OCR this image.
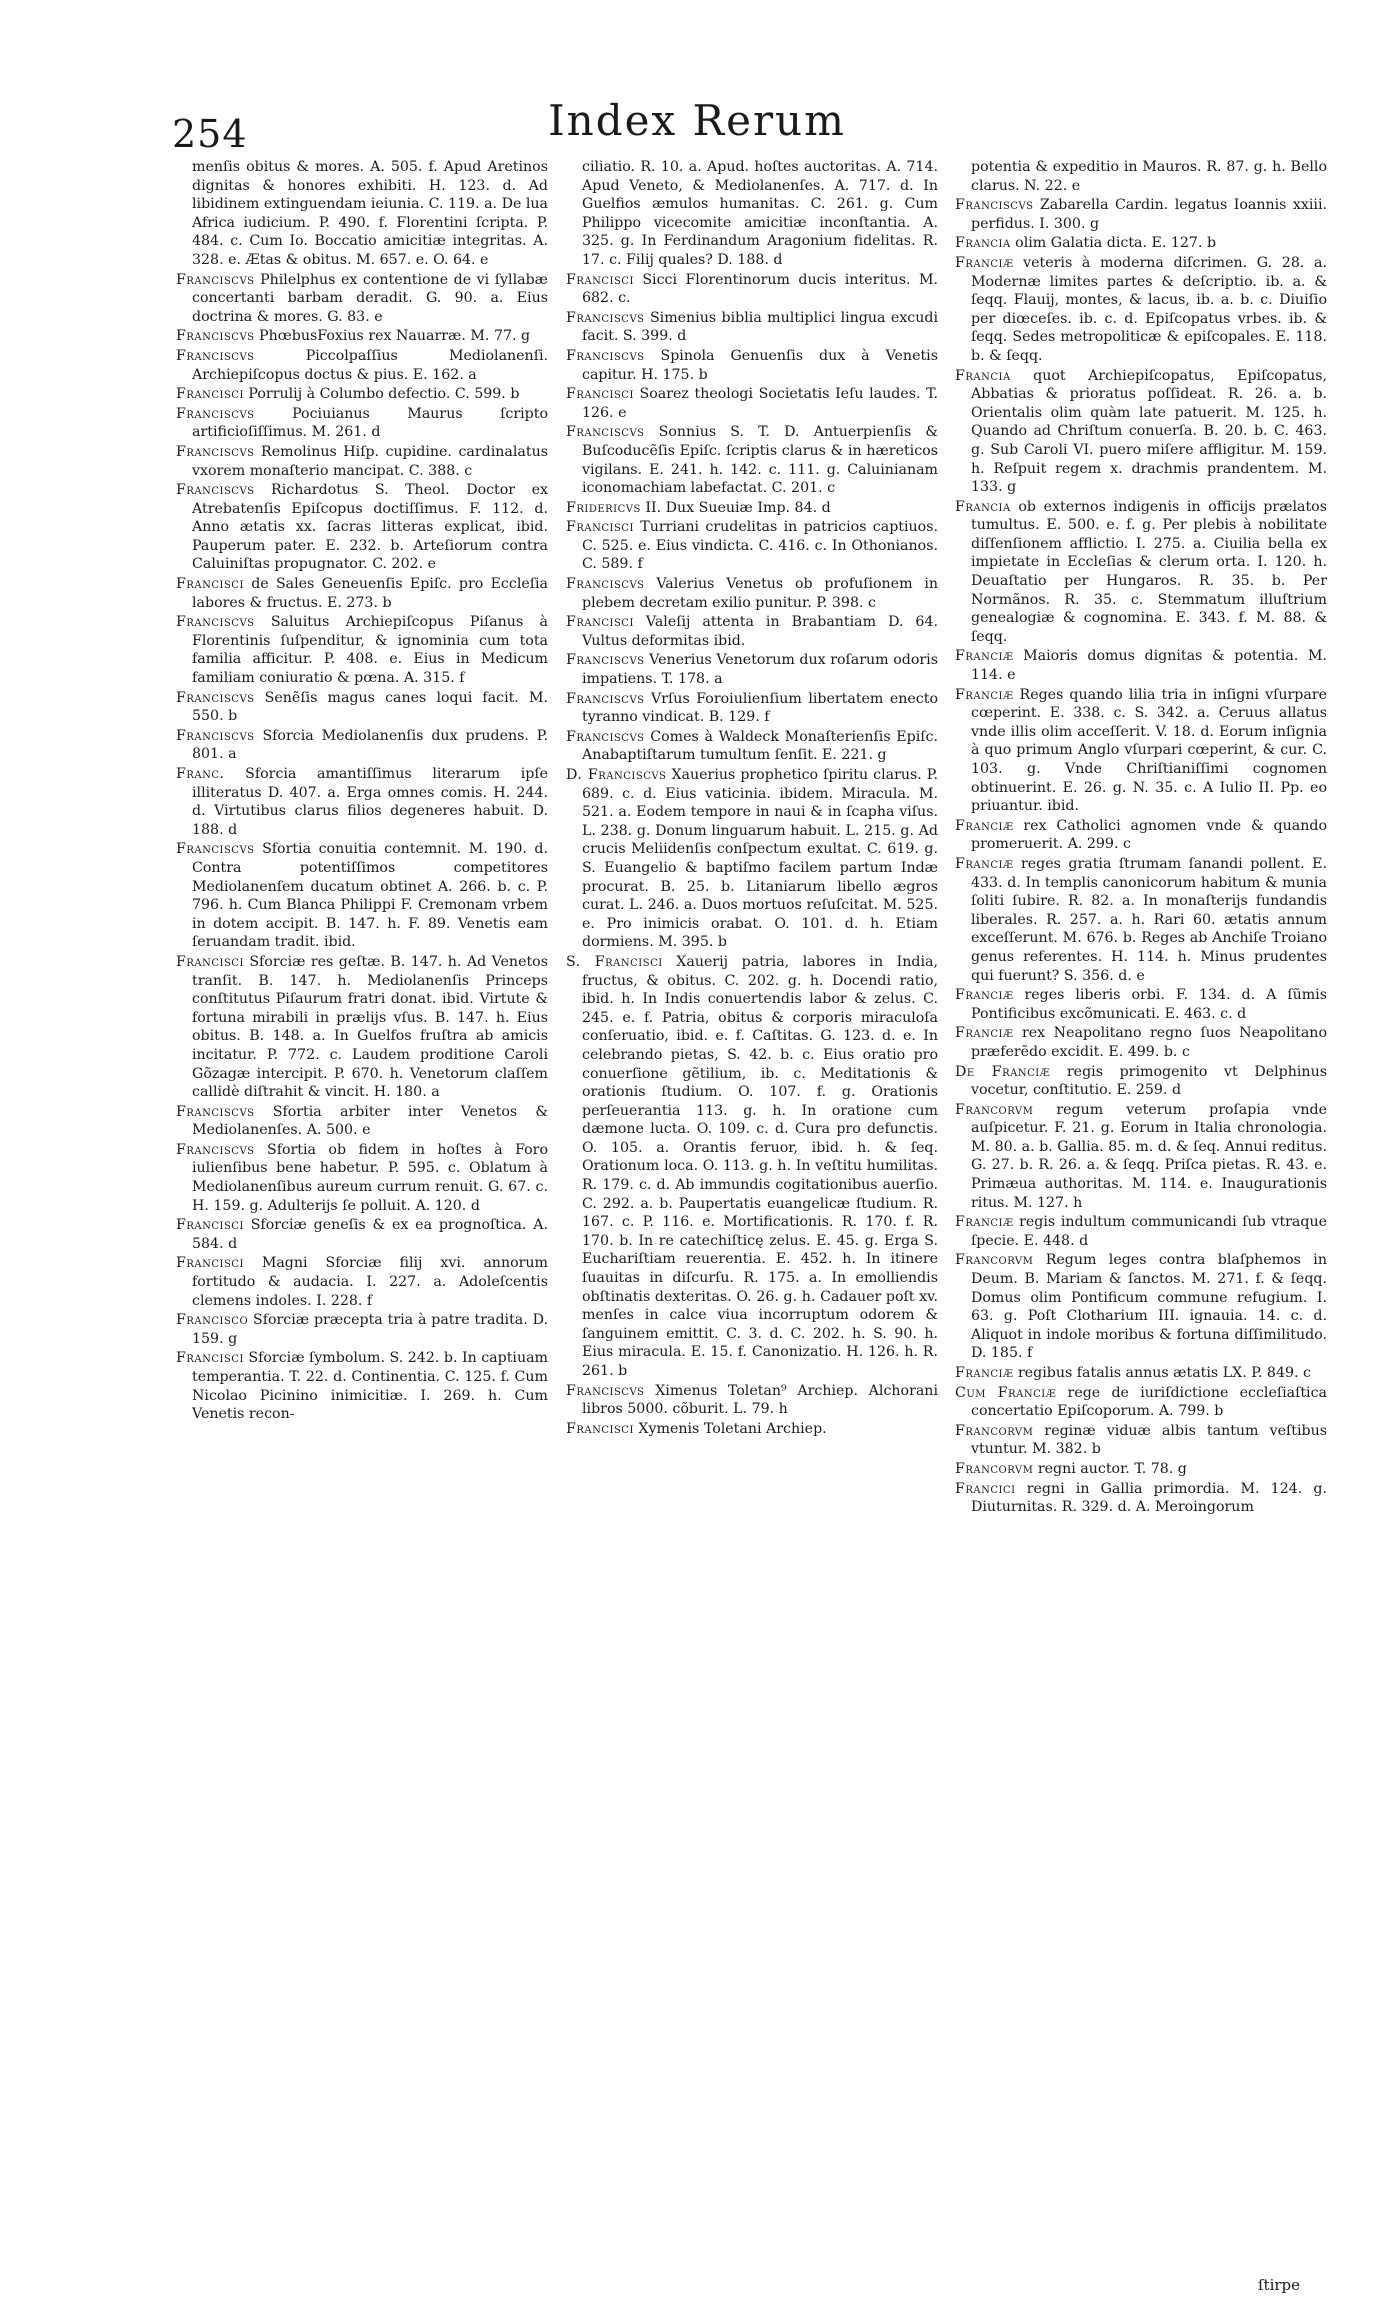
254	Index Rerum

menſis obitus & mores. A. 505. f. Apud Aretinos dignitas & honores exhibiti. H. 123. d. Ad libidinem extinguendam ieiunia. C. 119. a. De lua Africa iudicium. P. 490. f. Florentini ſcripta. P. 484. c. Cum Io. Boccatio amicitiæ integritas. A. 328. e. Ætas & obitus. M. 657. e. O. 64. e

Franciſcvs Philelphus ex contentione de vi ſyllabæ concertanti barbam deradit. G. 90. a. Eius doctrina & mores. G. 83. e

Franciſcvs PhœbusFoxius rex Nauarræ. M. 77. g

Franciſcvs Piccolpaſſius Mediolanenſi. Archiepiſcopus doctus & pius. E. 162. a

Franciſci Porrulij à Columbo defectio. C. 599. b

Franciſcvs Pociuianus Maurus ſcripto artificioſiſſimus. M. 261. d

Franciſcvs Remolinus Hiſp. cupidine. cardinalatus vxorem monaſterio mancipat. C. 388. c

Franciſcvs Richardotus S. Theol. Doctor ex Atrebatenſis Epiſcopus doctiſſimus. F. 112. d. Anno ætatis xx. ſacras litteras explicat, ibid. Pauperum pater. E. 232. b. Arteſiorum contra Caluiniſtas propugnator. C. 202. e

Franciſci de Sales Geneuenſis Epiſc. pro Eccleſia labores & fructus. E. 273. b

Franciſcvs Saluitus Archiepiſcopus Piſanus à Florentinis ſuſpenditur, & ignominia cum tota familia afficitur. P. 408. e. Eius in Medicum familiam coniuratio & pœna. A. 315. f

Franciſcvs Senẽſis magus canes loqui facit. M. 550. b

Franciſcvs Sforcia Mediolanenſis dux prudens. P. 801. a

Franc. Sforcia amantiſſimus literarum ipſe illiteratus D. 407. a. Erga omnes comis. H. 244. d. Virtutibus clarus filios degeneres habuit. D. 188. d

Franciſcvs Sfortia conuitia contemnit. M. 190. d. Contra potentiſſimos competitores Mediolanenſem ducatum obtinet A. 266. b. c. P. 796. h. Cum Blanca Philippi F. Cremonam vrbem in dotem accipit. B. 147. h. F. 89. Venetis eam ſeruandam tradit. ibid.

Franciſci Sforciæ res geſtæ. B. 147. h. Ad Venetos tranſit. B. 147. h. Mediolanenſis Princeps conſtitutus Piſaurum fratri donat. ibid. Virtute & fortuna mirabili in prælijs vſus. B. 147. h. Eius obitus. B. 148. a. In Guelfos fruſtra ab amicis incitatur. P. 772. c. Laudem proditione Caroli Gõzagæ intercipit. P. 670. h. Venetorum claſſem callidè diſtrahit & vincit. H. 180. a

Franciſcvs Sfortia arbiter inter Venetos & Mediolanenſes. A. 500. e

Franciſcvs Sfortia ob fidem in hoſtes à Foro iulienſibus bene habetur. P. 595. c. Oblatum à Mediolanenſibus aureum currum renuit. G. 67. c. H. 159. g. Adulterijs ſe polluit. A. 120. d

Franciſci Sforciæ geneſis & ex ea prognoſtica. A. 584. d

Franciſci Magni Sforciæ filij xvi. annorum fortitudo & audacia. I. 227. a. Adoleſcentis clemens indoles. I. 228. f

Franciſco Sforciæ præcepta tria à patre tradita. D. 159. g

Franciſci Sforciæ ſymbolum. S. 242. b. In captiuam temperantia. T. 22. d. Continentia. C. 125. f. Cum Nicolao Picinino inimicitiæ. I. 269. h. Cum Venetis recon-

ciliatio. R. 10. a. Apud. hoſtes auctoritas. A. 714. Apud Veneto, & Mediolanenſes. A. 717. d. In Guelfios æmulos humanitas. C. 261. g. Cum Philippo vicecomite amicitiæ inconſtantia. A. 325. g. In Ferdinandum Aragonium fidelitas. R. 17. c. Filij quales? D. 188. d

Franciſci Sicci Florentinorum ducis interitus. M. 682. c.

Franciſcvs Simenius biblia multiplici lingua excudi facit. S. 399. d

Franciſcvs Spinola Genuenſis dux à Venetis capitur. H. 175. b

Franciſci Soarez theologi Societatis Ieſu laudes. T. 126. e

Franciſcvs Sonnius S. T. D. Antuerpienſis & Buſcoducẽſis Epiſc. ſcriptis clarus & in hæreticos vigilans. E. 241. h. 142. c. 111. g. Caluinianam iconomachiam labefactat. C. 201. c

Fridericvs II. Dux Sueuiæ Imp. 84. d

Franciſci Turriani crudelitas in patricios captiuos. C. 525. e. Eius vindicta. C. 416. c. In Othonianos. C. 589. f

Franciſcvs Valerius Venetus ob profuſionem in plebem decretam exilio punitur. P. 398. c

Franciſci Valeſij attenta in Brabantiam D. 64. Vultus deformitas ibid.

Franciſcvs Venerius Venetorum dux roſarum odoris impatiens. T. 178. a

Franciſcvs Vrſus Foroiulienſium libertatem enecto tyranno vindicat. B. 129. f

Franciſcvs Comes à Waldeck Monaſterienſis Epiſc. Anabaptiſtarum tumultum ſenſit. E. 221. g

D. Franciſcvs Xauerius prophetico ſpiritu clarus. P. 689. c. d. Eius vaticinia. ibidem. Miracula. M. 521. a. Eodem tempore in naui & in ſcapha viſus. L. 238. g. Donum linguarum habuit. L. 215. g. Ad crucis Meliidenſis conſpectum exultat. C. 619. g. S. Euangelio & baptiſmo facilem partum Indæ procurat. B. 25. b. Litaniarum libello ægros curat. L. 246. a. Duos mortuos reſuſcitat. M. 525. e. Pro inimicis orabat. O. 101. d. h. Etiam dormiens. M. 395. b

S. Franciſci Xauerij patria, labores in India, fructus, & obitus. C. 202. g. h. Docendi ratio, ibid. h. In Indis conuertendis labor & zelus. C. 245. e. f. Patria, obitus & corporis miraculoſa conſeruatio, ibid. e. f. Caſtitas. G. 123. d. e. In celebrando pietas, S. 42. b. c. Eius oratio pro conuerſione gẽtilium, ib. c. Meditationis & orationis ſtudium. O. 107. f. g. Orationis perſeuerantia 113. g. h. In oratione cum dæmone lucta. O. 109. c. d. Cura pro defunctis. O. 105. a. Orantis feruor, ibid. h. & ſeq. Orationum loca. O. 113. g. h. In veſtitu humilitas. R. 179. c. d. Ab immundis cogitationibus auerſio. C. 292. a. b. Paupertatis euangelicæ ſtudium. R. 167. c. P. 116. e. Mortificationis. R. 170. f. R. 170. b. In re catechiſticę zelus. E. 45. g. Erga S. Euchariſtiam reuerentia. E. 452. h. In itinere ſuauitas in diſcurſu. R. 175. a. In emolliendis obſtinatis dexteritas. O. 26. g. h. Cadauer poſt xv. menſes in calce viua incorruptum odorem & ſanguinem emittit. C. 3. d. C. 202. h. S. 90. h. Eius miracula. E. 15. f. Canonizatio. H. 126. h. R. 261. b

Franciſcvs Ximenus Toletan⁹ Archiep. Alchorani libros 5000. cõburit. L. 79. h

Franciſci Xymenis Toletani Archiep.

potentia & expeditio in Mauros. R. 87. g. h. Bello clarus. N. 22. e

Franciſcvs Zabarella Cardin. legatus Ioannis xxiii. perfidus. I. 300. g

Francia olim Galatia dicta. E. 127. b

Franciæ veteris à moderna diſcrimen. G. 28. a. Modernæ limites partes & deſcriptio. ib. a. & ſeqq. Flauij, montes, & lacus, ib. a. b. c. Diuiſio per diœceſes. ib. c. d. Epiſcopatus vrbes. ib. & ſeqq. Sedes metropoliticæ & epiſcopales. E. 118. b. & ſeqq.

Francia quot Archiepiſcopatus, Epiſcopatus, Abbatias & prioratus poſſideat. R. 26. a. b. Orientalis olim quàm late patuerit. M. 125. h. Quando ad Chriſtum conuerſa. B. 20. b. C. 463. g. Sub Caroli VI. puero miſere affligitur. M. 159. h. Reſpuit regem x. drachmis prandentem. M. 133. g

Francia ob externos indigenis in officijs prælatos tumultus. E. 500. e. f. g. Per plebis à nobilitate diſſenſionem afflictio. I. 275. a. Ciuilia bella ex impietate in Eccleſias & clerum orta. I. 120. h. Deuaſtatio per Hungaros. R. 35. b. Per Normãnos. R. 35. c. Stemmatum illuſtrium genealogiæ & cognomina. E. 343. f. M. 88. & ſeqq.

Franciæ Maioris domus dignitas & potentia. M. 114. e

Franciæ Reges quando lilia tria in inſigni vſurpare cœperint. E. 338. c. S. 342. a. Ceruus allatus vnde illis olim acceſſerit. V. 18. d. Eorum inſignia à quo primum Anglo vſurpari cœperint, & cur. C. 103. g. Vnde Chriſtianiſſimi cognomen obtinuerint. E. 26. g. N. 35. c. A Iulio II. Pp. eo priuantur. ibid.

Franciæ rex Catholici agnomen vnde & quando promeruerit. A. 299. c

Franciæ reges gratia ſtrumam ſanandi pollent. E. 433. d. In templis canonicorum habitum & munia ſoliti ſubire. R. 82. a. In monaſterijs fundandis liberales. R. 257. a. h. Rari 60. ætatis annum exceſſerunt. M. 676. b. Reges ab Anchiſe Troiano genus referentes. H. 114. h. Minus prudentes qui fuerunt? S. 356. d. e

Franciæ reges liberis orbi. F. 134. d. A ſũmis Pontificibus excõmunicati. E. 463. c. d

Franciæ rex Neapolitano regno ſuos Neapolitano præferẽdo excidit. E. 499. b. c

De Franciæ regis primogenito vt Delphinus vocetur, conſtitutio. E. 259. d

Francorvm regum veterum proſapia vnde auſpicetur. F. 21. g. Eorum in Italia chronologia. M. 80. a. b. Gallia. 85. m. d. & ſeq. Annui reditus. G. 27. b. R. 26. a. & ſeqq. Priſca pietas. R. 43. e. Primæua authoritas. M. 114. e. Inaugurationis ritus. M. 127. h

Franciæ regis indultum communicandi ſub vtraque ſpecie. E. 448. d

Francorvm Regum leges contra blaſphemos in Deum. B. Mariam & ſanctos. M. 271. f. & ſeqq. Domus olim Pontificum commune refugium. I. 63. g. Poſt Clotharium III. ignauia. 14. c. d. Aliquot in indole moribus & fortuna diſſimilitudo. D. 185. f

Franciæ regibus fatalis annus ætatis LX. P. 849. c

Cum Franciæ rege de iuriſdictione eccleſiaſtica concertatio Epiſcoporum. A. 799. b

Francorvm reginæ viduæ albis tantum veſtibus vtuntur. M. 382. b

Francorvm regni auctor. T. 78. g

Francici regni in Gallia primordia. M. 124. g. Diuturnitas. R. 329. d. A. Meroingorum

ſtirpe
